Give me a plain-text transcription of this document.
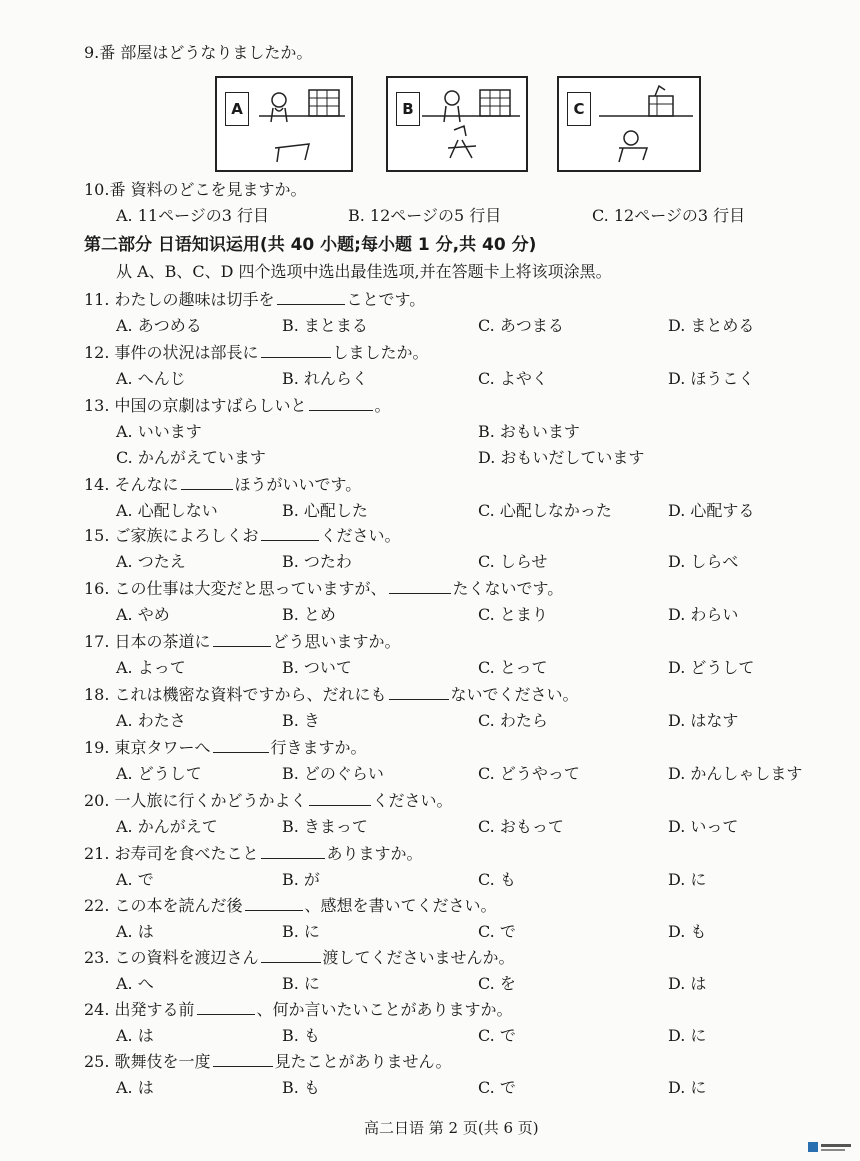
9.番 部屋はどうなりましたか。
A	B	C
10.番 資料のどこを見ますか。
A. 11ページの3 行目	B. 12ページの5 行目	C. 12ページの3 行目
第二部分 日语知识运用(共 40 小题;每小题 1 分,共 40 分)
从 A、B、C、D 四个选项中选出最佳选项,并在答题卡上将该项涂黑。
11. わたしの趣味は切手を	ことです。
A. あつめる	B. まとまる	C. あつまる	D. まとめる
12. 事件の状況は部長に	しましたか。
A. へんじ	B. れんらく	C. よやく	D. ほうこく
13. 中国の京劇はすばらしいと	。
A. いいます	B. おもいます
C. かんがえています	D. おもいだしています
14. そんなに	ほうがいいです。
A. 心配しない	B. 心配した	C. 心配しなかった	D. 心配する
15. ご家族によろしくお	ください。
A. つたえ	B. つたわ	C. しらせ	D. しらべ
16. この仕事は大変だと思っていますが、	たくないです。
A. やめ	B. とめ	C. とまり	D. わらい
17. 日本の茶道に	どう思いますか。
A. よって	B. ついて	C. とって	D. どうして
18. これは機密な資料ですから、だれにも	ないでください。
A. わたさ	B. き	C. わたら	D. はなす
19. 東京タワーへ	行きますか。
A. どうして	B. どのぐらい	C. どうやって	D. かんしゃします
20. 一人旅に行くかどうかよく	ください。
A. かんがえて	B. きまって	C. おもって	D. いって
21. お寿司を食べたこと	ありますか。
A. で	B. が	C. も	D. に
22. この本を読んだ後	、感想を書いてください。
A. は	B. に	C. で	D. も
23. この資料を渡辺さん	渡してくださいませんか。
A. へ	B. に	C. を	D. は
24. 出発する前	、何か言いたいことがありますか。
A. は	B. も	C. で	D. に
25. 歌舞伎を一度	見たことがありません。
A. は	B. も	C. で	D. に
高二日语 第 2 页(共 6 页)
